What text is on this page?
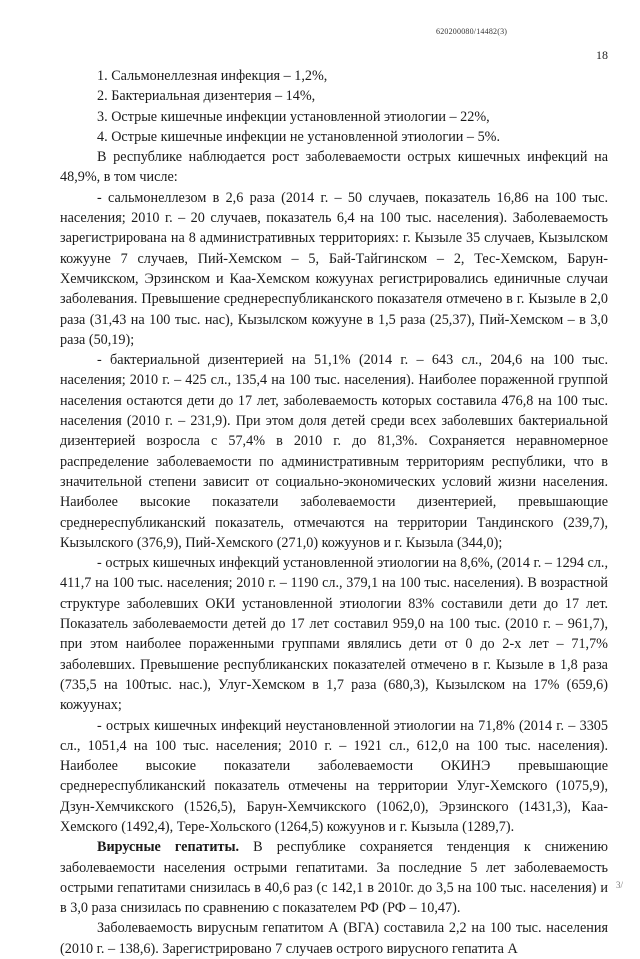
620200080/14482(3)
18

1. Сальмонеллезная инфекция – 1,2%,

2. Бактериальная дизентерия – 14%,

3. Острые кишечные инфекции установленной этиологии – 22%,

4. Острые кишечные инфекции не установленной этиологии – 5%.

В республике наблюдается рост заболеваемости острых кишечных инфекций на 48,9%, в том числе:

- сальмонеллезом в 2,6 раза (2014 г. – 50 случаев, показатель 16,86 на 100 тыс. населения; 2010 г. – 20 случаев, показатель 6,4 на 100 тыс. населения). Заболеваемость зарегистрирована на 8 административных территориях: г. Кызыле 35 случаев, Кызылском кожууне 7 случаев, Пий-Хемском – 5, Бай-Тайгинском – 2, Тес-Хемском, Барун-Хемчикском, Эрзинском и Каа-Хемском кожуунах регистрировались единичные случаи заболевания. Превышение среднереспубликанского показателя отмечено в г. Кызыле в 2,0 раза (31,43 на 100 тыс. нас), Кызылском кожууне в 1,5 раза (25,37), Пий-Хемском – в 3,0 раза (50,19);

- бактериальной дизентерией на 51,1% (2014 г. – 643 сл., 204,6 на 100 тыс. населения; 2010 г. – 425 сл., 135,4 на 100 тыс. населения). Наиболее пораженной группой населения остаются дети до 17 лет, заболеваемость которых составила 476,8 на 100 тыс. населения (2010 г. – 231,9). При этом доля детей среди всех заболевших бактериальной дизентерией возросла с 57,4% в 2010 г. до 81,3%. Сохраняется неравномерное распределение заболеваемости по административным территориям республики, что в значительной степени зависит от социально-экономических условий жизни населения. Наиболее высокие показатели заболеваемости дизентерией, превышающие среднереспубликанский показатель, отмечаются на территории Тандинского (239,7), Кызылского (376,9), Пий-Хемского (271,0) кожуунов и г. Кызыла (344,0);

- острых кишечных инфекций установленной этиологии на 8,6%, (2014 г. – 1294 сл., 411,7 на 100 тыс. населения; 2010 г. – 1190 сл., 379,1 на 100 тыс. населения). В возрастной структуре заболевших ОКИ установленной этиологии 83% составили дети до 17 лет. Показатель заболеваемости детей до 17 лет составил 959,0 на 100 тыс. (2010 г. – 961,7), при этом наиболее пораженными группами являлись дети от 0 до 2-х лет – 71,7% заболевших. Превышение республиканских показателей отмечено в г. Кызыле в 1,8 раза (735,5 на 100тыс. нас.), Улуг-Хемском в 1,7 раза (680,3), Кызылском на 17% (659,6) кожуунах;

- острых кишечных инфекций неустановленной этиологии на 71,8% (2014 г. – 3305 сл., 1051,4 на 100 тыс. населения; 2010 г. – 1921 сл., 612,0 на 100 тыс. населения). Наиболее высокие показатели заболеваемости ОКИНЭ превышающие среднереспубликанский показатель отмечены на территории Улуг-Хемского (1075,9), Дзун-Хемчикского (1526,5), Барун-Хемчикского (1062,0), Эрзинского (1431,3), Каа-Хемского (1492,4), Тере-Хольского (1264,5) кожуунов и г. Кызыла (1289,7).

Вирусные гепатиты. В республике сохраняется тенденция к снижению заболеваемости населения острыми гепатитами. За последние 5 лет заболеваемость острыми гепатитами снизилась в 40,6 раз (с 142,1 в 2010г. до 3,5 на 100 тыс. населения) и в 3,0 раза снизилась по сравнению с показателем РФ (РФ – 10,47).

Заболеваемость вирусным гепатитом А (ВГА) составила 2,2 на 100 тыс. населения (2010 г. – 138,6). Зарегистрировано 7 случаев острого вирусного гепатита А

3/
